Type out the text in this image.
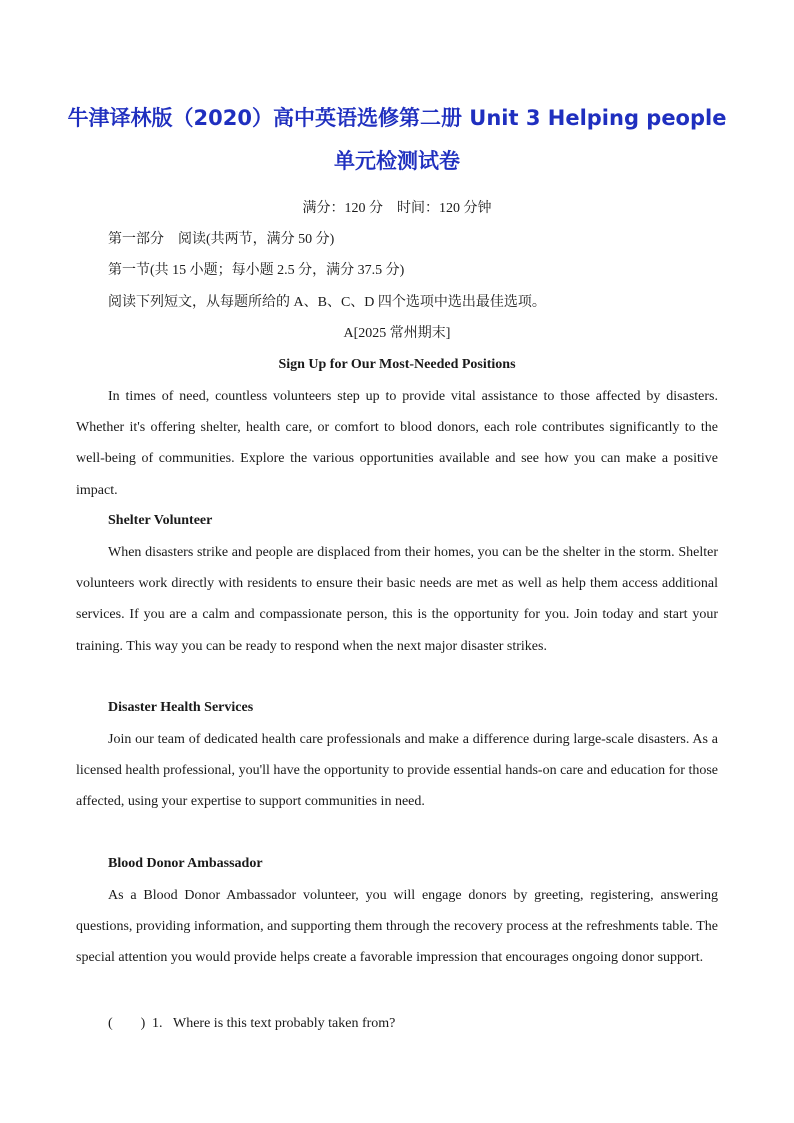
牛津译林版（2020）高中英语选修第二册 Unit 3 Helping people
单元检测试卷
满分：120 分　时间：120 分钟
第一部分　阅读(共两节，满分 50 分)
第一节(共 15 小题；每小题 2.5 分，满分 37.5 分)
阅读下列短文，从每题所给的 A、B、C、D 四个选项中选出最佳选项。
A[2025 常州期末]
Sign Up for Our Most-Needed Positions
In times of need, countless volunteers step up to provide vital assistance to those affected by disasters. Whether it's offering shelter, health care, or comfort to blood donors, each role contributes significantly to the well-being of communities. Explore the various opportunities available and see how you can make a positive impact.
Shelter Volunteer
When disasters strike and people are displaced from their homes, you can be the shelter in the storm. Shelter volunteers work directly with residents to ensure their basic needs are met as well as help them access additional services. If you are a calm and compassionate person, this is the opportunity for you. Join today and start your training. This way you can be ready to respond when the next major disaster strikes.
Disaster Health Services
Join our team of dedicated health care professionals and make a difference during large-scale disasters. As a licensed health professional, you'll have the opportunity to provide essential hands-on care and education for those affected, using your expertise to support communities in need.
Blood Donor Ambassador
As a Blood Donor Ambassador volunteer, you will engage donors by greeting, registering, answering questions, providing information, and supporting them through the recovery process at the refreshments table. The special attention you would provide helps create a favorable impression that encourages ongoing donor support.
(　　) 1. Where is this text probably taken from?
